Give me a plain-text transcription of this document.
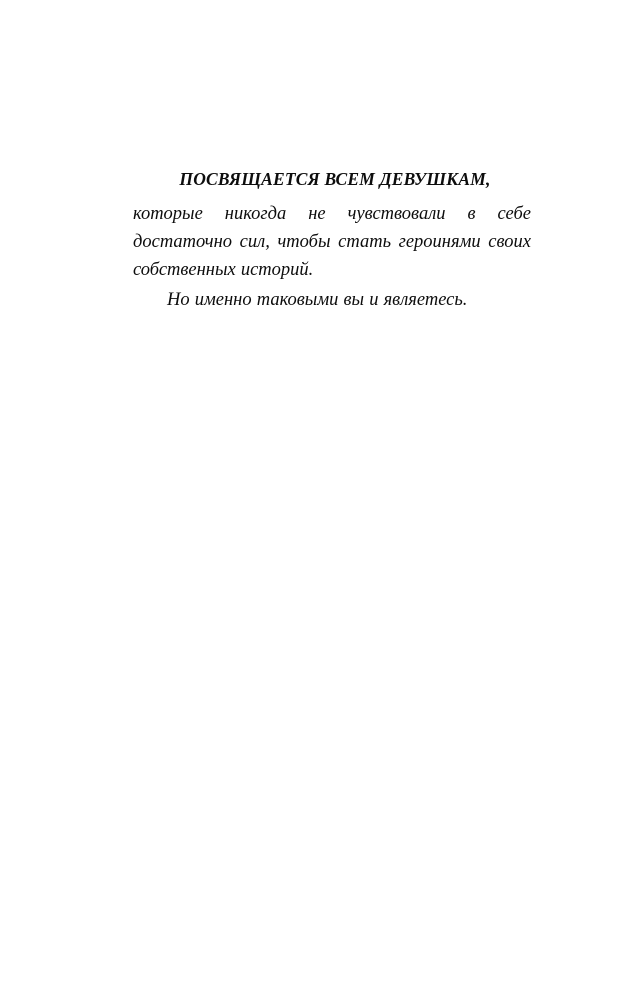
ПОСВЯЩАЕТСЯ ВСЕМ ДЕВУШКАМ,

которые никогда не чувствовали в себе достаточно сил, чтобы стать героинями своих собственных историй.

Но именно таковыми вы и являетесь.
